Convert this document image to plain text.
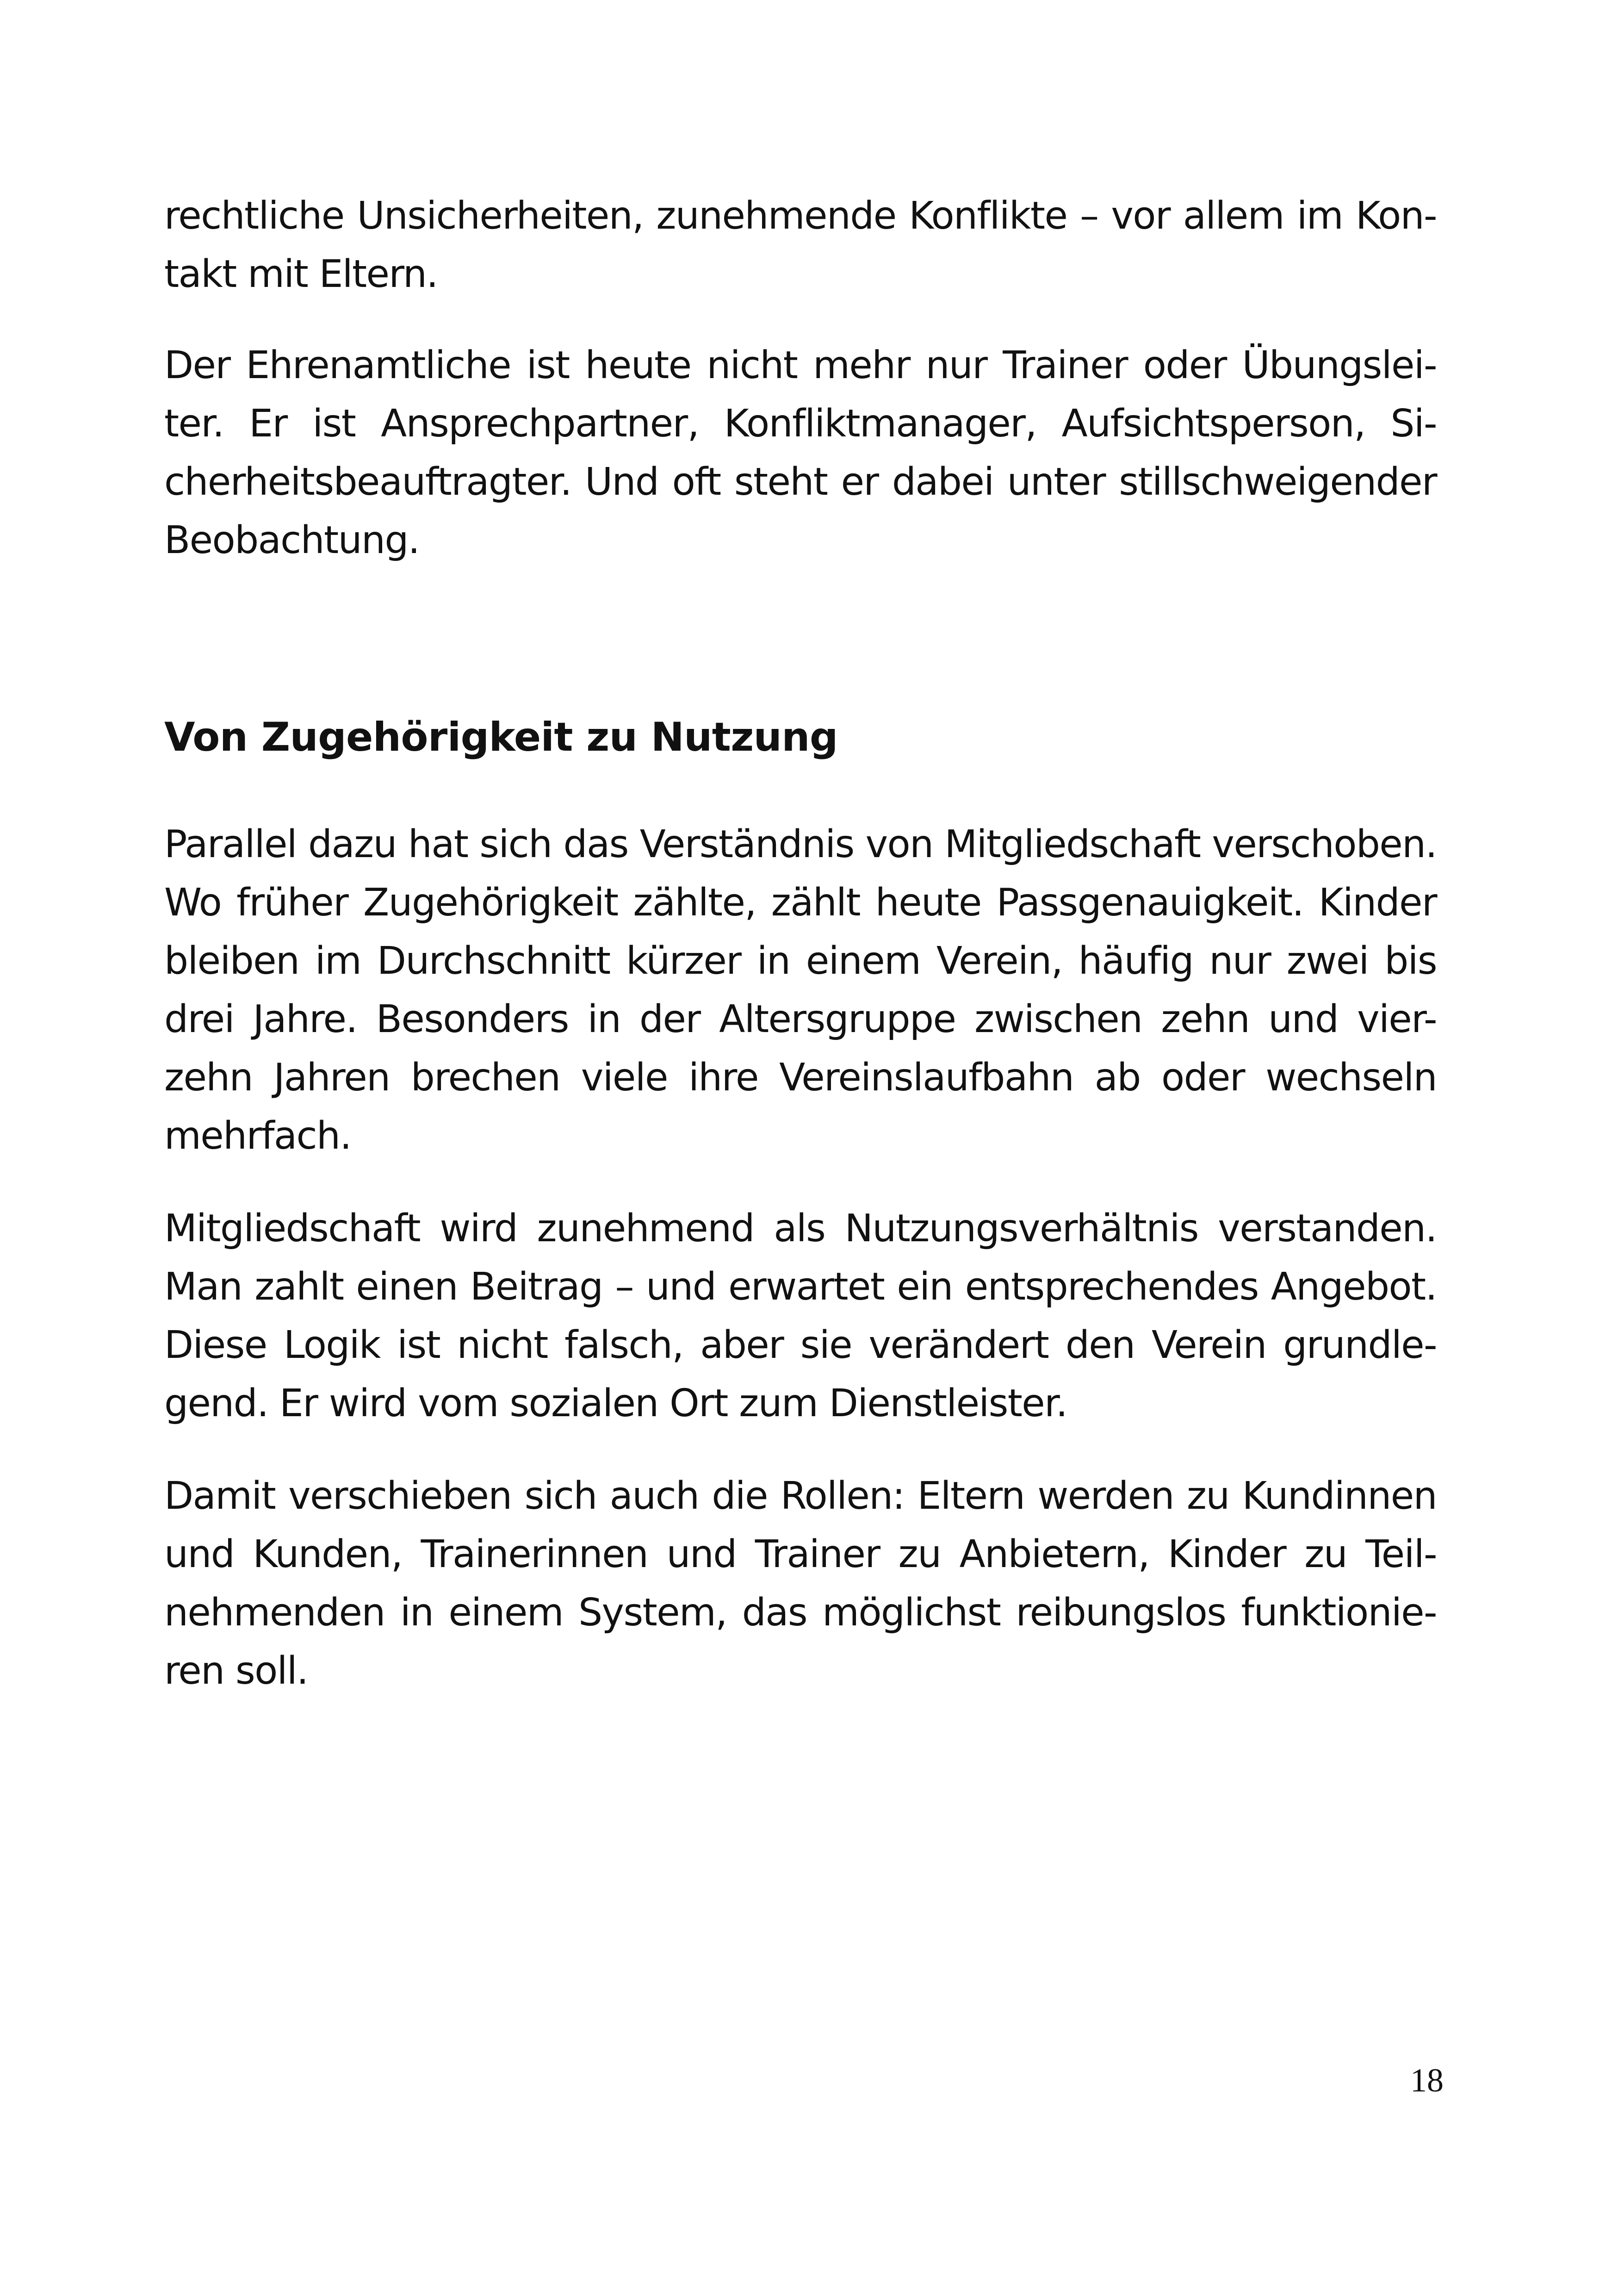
rechtliche Unsicherheiten, zunehmende Konflikte – vor allem im Kon-
takt mit Eltern.
Der Ehrenamtliche ist heute nicht mehr nur Trainer oder Übungslei-
ter. Er ist Ansprechpartner, Konfliktmanager, Aufsichtsperson, Si-
cherheitsbeauftragter. Und oft steht er dabei unter stillschweigender
Beobachtung.
Von Zugehörigkeit zu Nutzung
Parallel dazu hat sich das Verständnis von Mitgliedschaft verschoben.
Wo früher Zugehörigkeit zählte, zählt heute Passgenauigkeit. Kinder
bleiben im Durchschnitt kürzer in einem Verein, häufig nur zwei bis
drei Jahre. Besonders in der Altersgruppe zwischen zehn und vier-
zehn Jahren brechen viele ihre Vereinslaufbahn ab oder wechseln
mehrfach.
Mitgliedschaft wird zunehmend als Nutzungsverhältnis verstanden.
Man zahlt einen Beitrag – und erwartet ein entsprechendes Angebot.
Diese Logik ist nicht falsch, aber sie verändert den Verein grundle-
gend. Er wird vom sozialen Ort zum Dienstleister.
Damit verschieben sich auch die Rollen: Eltern werden zu Kundinnen
und Kunden, Trainerinnen und Trainer zu Anbietern, Kinder zu Teil-
nehmenden in einem System, das möglichst reibungslos funktionie-
ren soll.
18
